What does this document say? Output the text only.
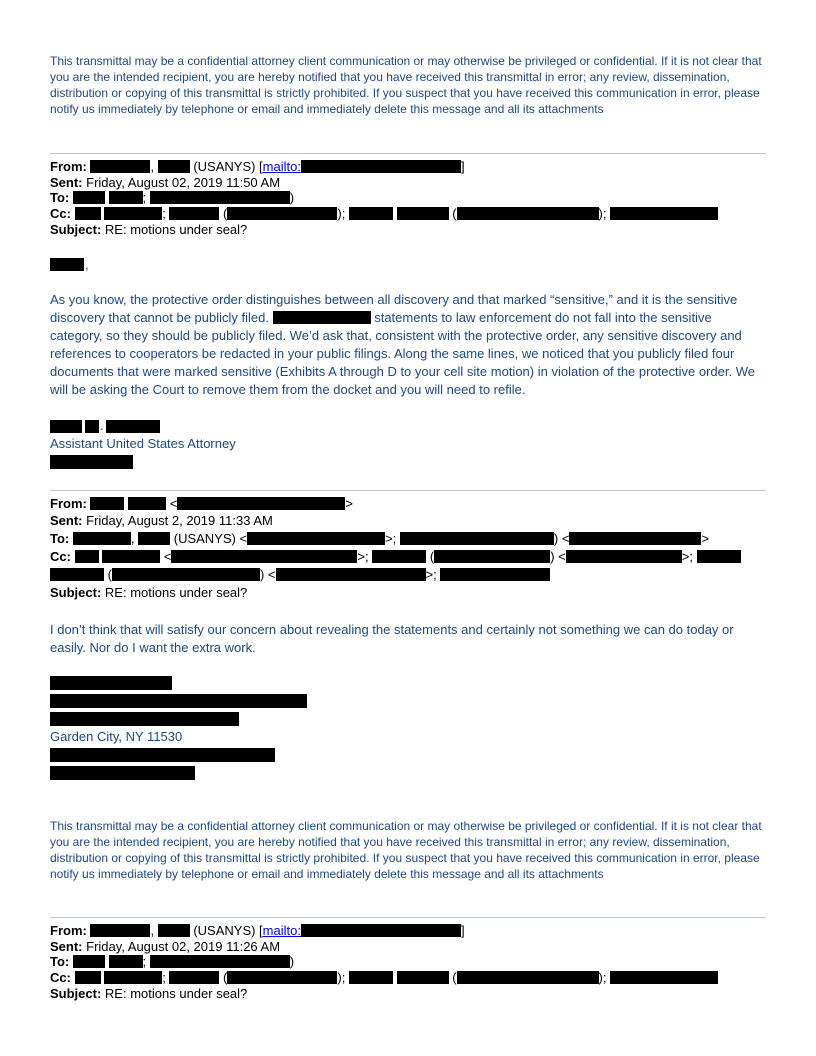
This transmittal may be a confidential attorney client communication or may otherwise be privileged or confidential. If it is not clear that you are the intended recipient, you are hereby notified that you have received this transmittal in error; any review, dissemination, distribution or copying of this transmittal is strictly prohibited. If you suspect that you have received this communication in error, please notify us immediately by telephone or email and immediately delete this message and all its attachments

From:	,	(USANYS) [mailto:	]
Sent: Friday, August 02, 2019 11:50 AM
To:	;	)
Cc:	;	(	);	(	);
Subject: RE: motions under seal?
,

As you know, the protective order distinguishes between all discovery and that marked “sensitive,” and it is the sensitive discovery that cannot be publicly filed.	statements to law enforcement do not fall into the sensitive category, so they should be publicly filed. We’d ask that, consistent with the protective order, any sensitive discovery and references to cooperators be redacted in your public filings. Along the same lines, we noticed that you publicly filed four documents that were marked sensitive (Exhibits A through D to your cell site motion) in violation of the protective order. We will be asking the Court to remove them from the docket and you will need to refile.

.
Assistant United States Attorney
From:	<	>
Sent: Friday, August 2, 2019 11:33 AM
To:	,	(USANYS) <	>;	) <	>
Cc:	<	>;	(	) <	>;
(	) <	>;
Subject: RE: motions under seal?

I don’t think that will satisfy our concern about revealing the statements and certainly not something we can do today or easily. Nor do I want the extra work.

Garden City, NY 11530

This transmittal may be a confidential attorney client communication or may otherwise be privileged or confidential. If it is not clear that you are the intended recipient, you are hereby notified that you have received this transmittal in error; any review, dissemination, distribution or copying of this transmittal is strictly prohibited. If you suspect that you have received this communication in error, please notify us immediately by telephone or email and immediately delete this message and all its attachments

From:	,	(USANYS) [mailto:	]
Sent: Friday, August 02, 2019 11:26 AM
To:	;	)
Cc:	;	(	);	(	);
Subject: RE: motions under seal?
